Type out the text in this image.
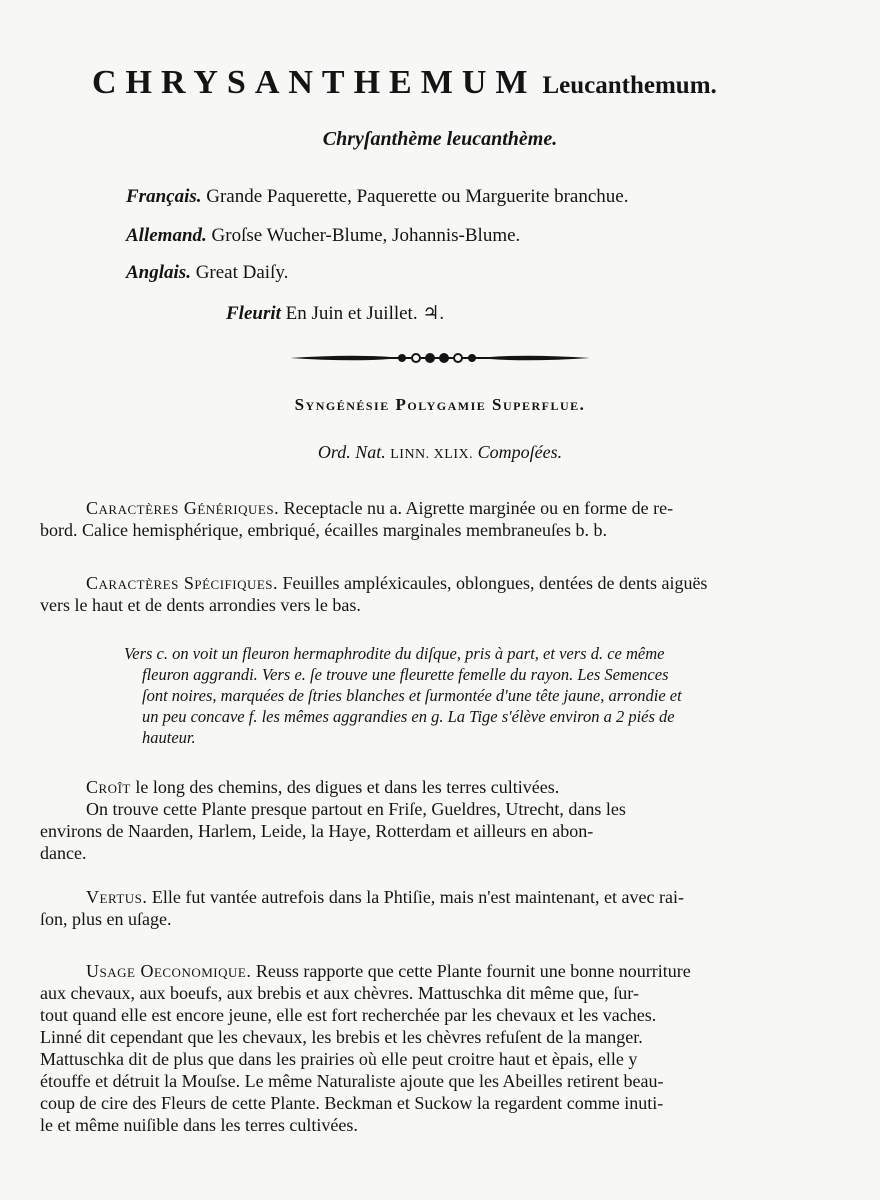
CHRYSANTHEMUM Leucanthemum.
Chryſanthème leucanthème.
Français. Grande Paquerette, Paquerette ou Marguerite branchue.
Allemand. Groſse Wucher-Blume, Johannis-Blume.
Anglais. Great Daiſy.
Fleurit En Juin et Juillet. ♃.
Syngénésie Polygamie Superflue.
Ord. Nat. LINN. XLIX. Compoſées.
Caractères Génériques. Receptacle nu a. Aigrette marginée ou en forme de re-
bord. Calice hemisphérique, embriqué, écailles marginales membraneuſes b. b.
Caractères Spécifiques. Feuilles ampléxicaules, oblongues, dentées de dents aiguës
vers le haut et de dents arrondies vers le bas.
Vers c. on voit un fleuron hermaphrodite du diſque, pris à part, et vers d. ce même
fleuron aggrandi. Vers e. ſe trouve une fleurette femelle du rayon. Les Semences
ſont noires, marquées de ſtries blanches et ſurmontée d'une tête jaune, arrondie et
un peu concave f. les mêmes aggrandies en g. La Tige s'élève environ a 2 piés de
hauteur.
Croît le long des chemins, des digues et dans les terres cultivées.
On trouve cette Plante presque partout en Friſe, Gueldres, Utrecht, dans les
environs de Naarden, Harlem, Leide, la Haye, Rotterdam et ailleurs en abon-
dance.
Vertus. Elle fut vantée autrefois dans la Phtiſie, mais n'est maintenant, et avec rai-
ſon, plus en uſage.
Usage Oeconomique. Reuss rapporte que cette Plante fournit une bonne nourriture
aux chevaux, aux boeufs, aux brebis et aux chèvres. Mattuschka dit même que, ſur-
tout quand elle est encore jeune, elle est fort recherchée par les chevaux et les vaches.
Linné dit cependant que les chevaux, les brebis et les chèvres refuſent de la manger.
Mattuschka dit de plus que dans les prairies où elle peut croitre haut et èpais, elle y
étouffe et détruit la Mouſse. Le même Naturaliste ajoute que les Abeilles retirent beau-
coup de cire des Fleurs de cette Plante. Beckman et Suckow la regardent comme inuti-
le et même nuiſible dans les terres cultivées.
